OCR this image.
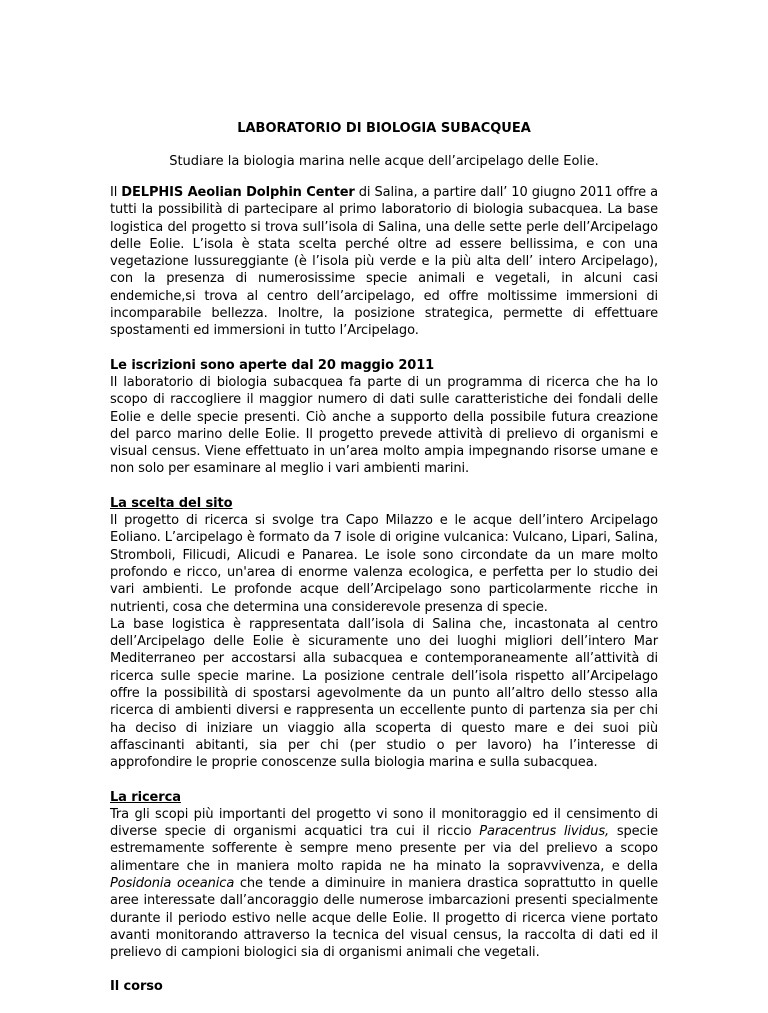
LABORATORIO DI BIOLOGIA SUBACQUEA
Studiare la biologia marina nelle acque dell’arcipelago delle Eolie.

Il DELPHIS Aeolian Dolphin Center di Salina, a partire dall’ 10 giugno 2011 offre a tutti la possibilità di partecipare al primo laboratorio di biologia subacquea. La base logistica del progetto si trova sull’isola di Salina, una delle sette perle dell’Arcipelago delle Eolie. L’isola è stata scelta perché oltre ad essere bellissima, e con una vegetazione lussureggiante (è l’isola più verde e la più alta dell’ intero Arcipelago), con la presenza di numerosissime specie animali e vegetali, in alcuni casi endemiche,si trova al centro dell’arcipelago, ed offre moltissime immersioni di incomparabile bellezza. Inoltre, la posizione strategica, permette di effettuare spostamenti ed immersioni in tutto l’Arcipelago.

Le iscrizioni sono aperte dal 20 maggio 2011
Il laboratorio di biologia subacquea fa parte di un programma di ricerca che ha lo scopo di raccogliere il maggior numero di dati sulle caratteristiche dei fondali delle Eolie e delle specie presenti. Ciò anche a supporto della possibile futura creazione del parco marino delle Eolie. Il progetto prevede attività di prelievo di organismi e visual census. Viene effettuato in un’area molto ampia impegnando risorse umane e non solo per esaminare al meglio i vari ambienti marini.

La scelta del sito
Il progetto di ricerca si svolge tra Capo Milazzo e le acque dell’intero Arcipelago Eoliano. L’arcipelago è formato da 7 isole di origine vulcanica: Vulcano, Lipari, Salina, Stromboli, Filicudi, Alicudi e Panarea. Le isole sono circondate da un mare molto profondo e ricco, un'area di enorme valenza ecologica, e perfetta per lo studio dei vari ambienti. Le profonde acque dell’Arcipelago sono particolarmente ricche in nutrienti, cosa che determina una considerevole presenza di specie.

La base logistica è rappresentata dall’isola di Salina che, incastonata al centro dell’Arcipelago delle Eolie è sicuramente uno dei luoghi migliori dell’intero Mar Mediterraneo per accostarsi alla subacquea e contemporaneamente all’attività di ricerca sulle specie marine. La posizione centrale dell’isola rispetto all’Arcipelago offre la possibilità di spostarsi agevolmente da un punto all’altro dello stesso alla ricerca di ambienti diversi e rappresenta un eccellente punto di partenza sia per chi ha deciso di iniziare un viaggio alla scoperta di questo mare e dei suoi più affascinanti abitanti, sia per chi (per studio o per lavoro) ha l’interesse di approfondire le proprie conoscenze sulla biologia marina e sulla subacquea.

La ricerca
Tra gli scopi più importanti del progetto vi sono il monitoraggio ed il censimento di diverse specie di organismi acquatici tra cui il riccio Paracentrus lividus, specie estremamente sofferente è sempre meno presente per via del prelievo a scopo alimentare che in maniera molto rapida ne ha minato la sopravvivenza, e della Posidonia oceanica che tende a diminuire in maniera drastica soprattutto in quelle aree interessate dall’ancoraggio delle numerose imbarcazioni presenti specialmente durante il periodo estivo nelle acque delle Eolie. Il progetto di ricerca viene portato avanti monitorando attraverso la tecnica del visual census, la raccolta di dati ed il prelievo di campioni biologici sia di organismi animali che vegetali.

Il corso
